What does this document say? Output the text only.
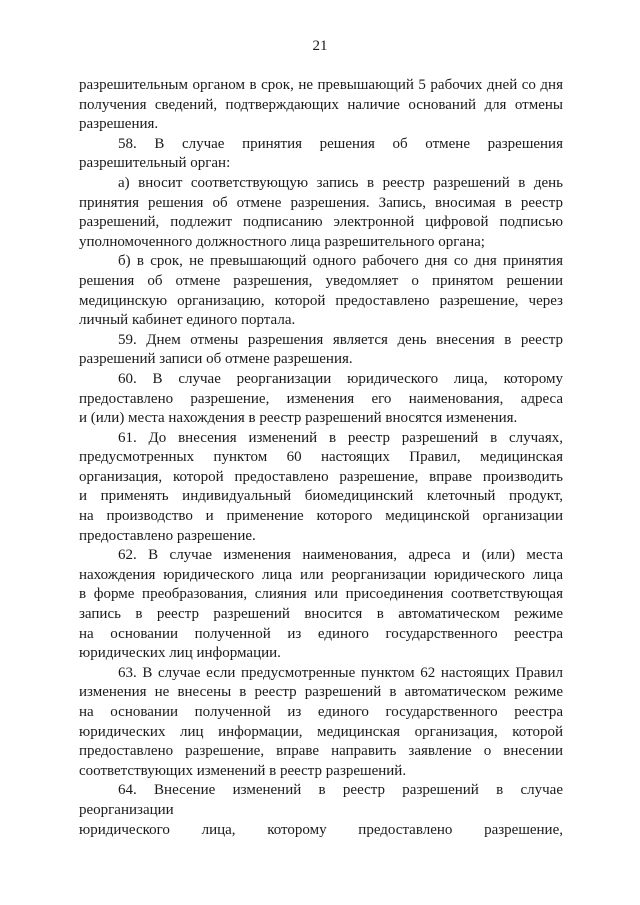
21

разрешительным органом в срок, не превышающий 5 рабочих дней со дня

получения сведений, подтверждающих наличие оснований для отмены

разрешения.

58. В случае принятия решения об отмене разрешения

разрешительный орган:

а) вносит соответствующую запись в реестр разрешений в день

принятия решения об отмене разрешения. Запись, вносимая в реестр

разрешений, подлежит подписанию электронной цифровой подписью

уполномоченного должностного лица разрешительного органа;

б) в срок, не превышающий одного рабочего дня со дня принятия

решения об отмене разрешения, уведомляет о принятом решении

медицинскую организацию, которой предоставлено разрешение, через

личный кабинет единого портала.

59. Днем отмены разрешения является день внесения в реестр

разрешений записи об отмене разрешения.

60. В случае реорганизации юридического лица, которому

предоставлено разрешение, изменения его наименования, адреса

и (или) места нахождения в реестр разрешений вносятся изменения.

61. До внесения изменений в реестр разрешений в случаях,

предусмотренных пунктом 60 настоящих Правил, медицинская

организация, которой предоставлено разрешение, вправе производить

и применять индивидуальный биомедицинский клеточный продукт,

на производство и применение которого медицинской организации

предоставлено разрешение.

62. В случае изменения наименования, адреса и (или) места

нахождения юридического лица или реорганизации юридического лица

в форме преобразования, слияния или присоединения соответствующая

запись в реестр разрешений вносится в автоматическом режиме

на основании полученной из единого государственного реестра

юридических лиц информации.

63. В случае если предусмотренные пунктом 62 настоящих Правил

изменения не внесены в реестр разрешений в автоматическом режиме

на основании полученной из единого государственного реестра

юридических лиц информации, медицинская организация, которой

предоставлено разрешение, вправе направить заявление о внесении

соответствующих изменений в реестр разрешений.

64. Внесение изменений в реестр разрешений в случае реорганизации

юридического лица, которому предоставлено разрешение,
